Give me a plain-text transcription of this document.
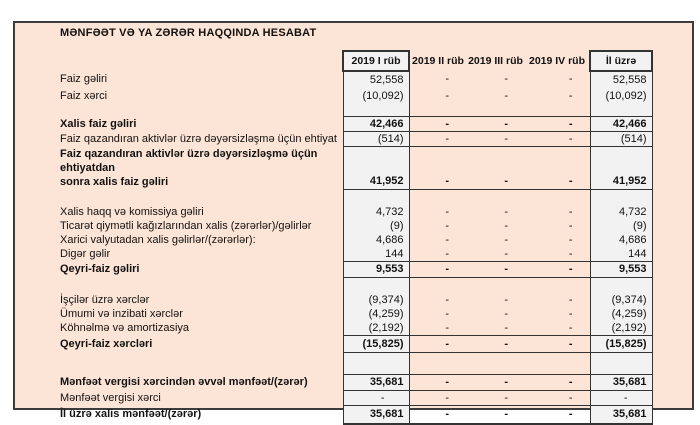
MƏNFƏƏT VƏ YA ZƏRƏR HAQQINDA HESABAT
	2019 I rüb	2019 II rüb	2019 III rüb	2019 IV rüb	İl üzrə
Faiz gəliri	52,558	-	-	-	52,558
Faiz xərci	(10,092)	-	-	-	(10,092)

Xalis faiz gəliri	42,466	-	-	-	42,466
Faiz qazandıran aktivlər üzrə dəyərsizləşmə üçün ehtiyat	(514)	-	-	-	(514)

Faiz qazandıran aktivlər üzrə dəyərsizləşmə üçün ehtiyatdan
sonra xalis faiz gəliri	41,952	-	-	-	41,952

Xalis haqq və komissiya gəliri	4,732	-	-	-	4,732
Ticarət qiymətli kağızlarından xalis (zərərlər)/gəlirlər	(9)	-	-	-	(9)
Xarici valyutadan xalis gəlirlər/(zərərlər):	4,686	-	-	-	4,686
Digər gəlir	144	-	-	-	144
Qeyri-faiz gəliri	9,553	-	-	-	9,553

İşçilər üzrə xərclər	(9,374)	-	-	-	(9,374)
Ümumi və inzibati xərclər	(4,259)	-	-	-	(4,259)
Köhnəlmə və amortizasiya	(2,192)	-	-	-	(2,192)
Qeyri-faiz xərcləri	(15,825)	-	-	-	(15,825)

Mənfəət vergisi xərcindən əvvəl mənfəət/(zərər)	35,681	-	-	-	35,681
Mənfəət vergisi xərci	-	-	-	-	-
İl üzrə xalis mənfəət/(zərər)	35,681	-	-	-	35,681
